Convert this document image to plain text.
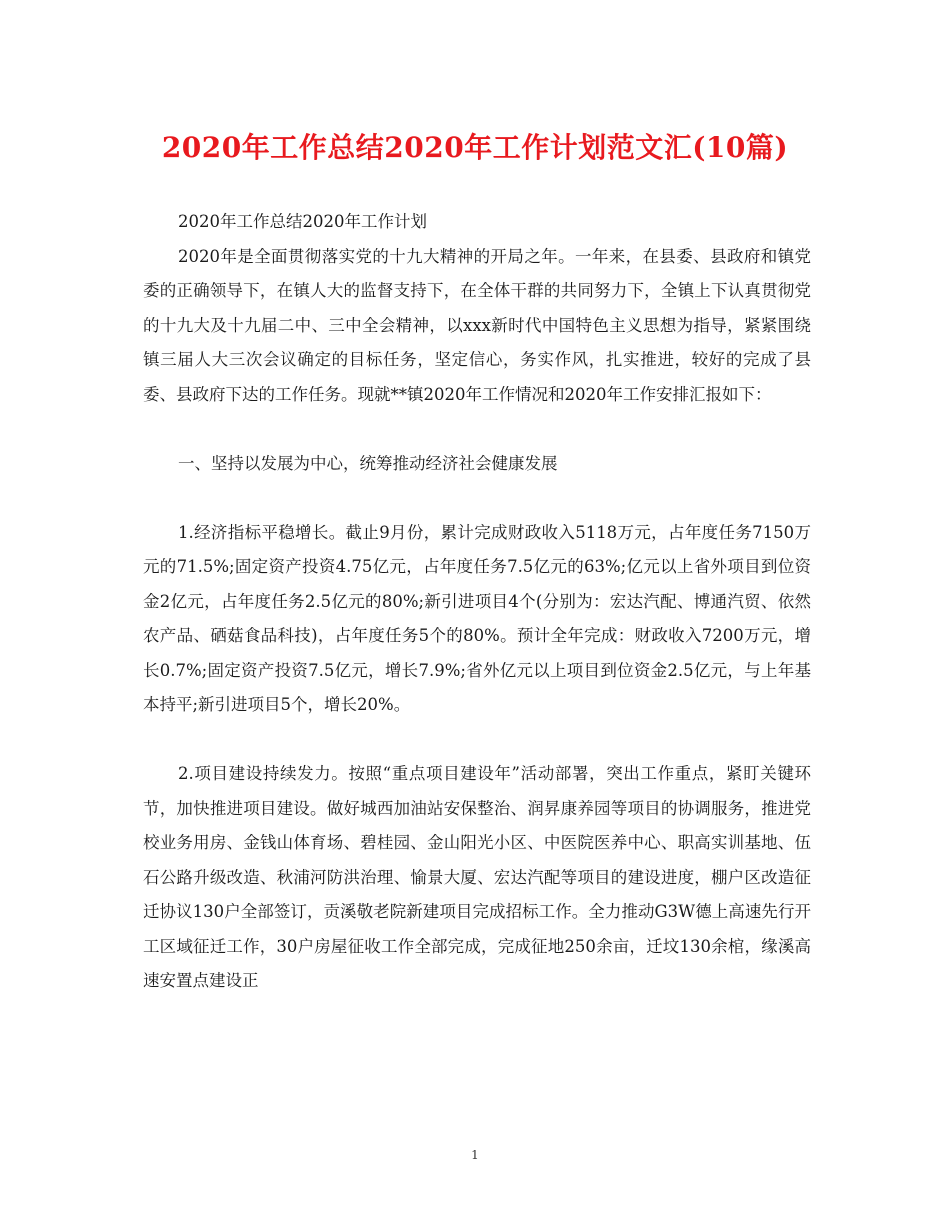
2020年工作总结2020年工作计划范文汇(10篇)

2020年工作总结2020年工作计划

2020年是全面贯彻落实党的十九大精神的开局之年。一年来，在县委、县政府和镇党委的正确领导下，在镇人大的监督支持下，在全体干群的共同努力下，全镇上下认真贯彻党的十九大及十九届二中、三中全会精神，以xxx新时代中国特色主义思想为指导，紧紧围绕镇三届人大三次会议确定的目标任务，坚定信心，务实作风，扎实推进，较好的完成了县委、县政府下达的工作任务。现就**镇2020年工作情况和2020年工作安排汇报如下：

一、坚持以发展为中心，统筹推动经济社会健康发展

1.经济指标平稳增长。截止9月份，累计完成财政收入5118万元，占年度任务7150万元的71.5%;固定资产投资4.75亿元，占年度任务7.5亿元的63%;亿元以上省外项目到位资金2亿元，占年度任务2.5亿元的80%;新引进项目4个(分别为：宏达汽配、博通汽贸、依然农产品、硒菇食品科技)，占年度任务5个的80%。预计全年完成：财政收入7200万元，增长0.7%;固定资产投资7.5亿元，增长7.9%;省外亿元以上项目到位资金2.5亿元，与上年基本持平;新引进项目5个，增长20%。

2.项目建设持续发力。按照“重点项目建设年”活动部署，突出工作重点，紧盯关键环节，加快推进项目建设。做好城西加油站安保整治、润昇康养园等项目的协调服务，推进党校业务用房、金钱山体育场、碧桂园、金山阳光小区、中医院医养中心、职高实训基地、伍石公路升级改造、秋浦河防洪治理、愉景大厦、宏达汽配等项目的建设进度，棚户区改造征迁协议130户全部签订，贡溪敬老院新建项目完成招标工作。全力推动G3W德上高速先行开工区域征迁工作，30户房屋征收工作全部完成，完成征地250余亩，迁坟130余棺，缘溪高速安置点建设正

1
